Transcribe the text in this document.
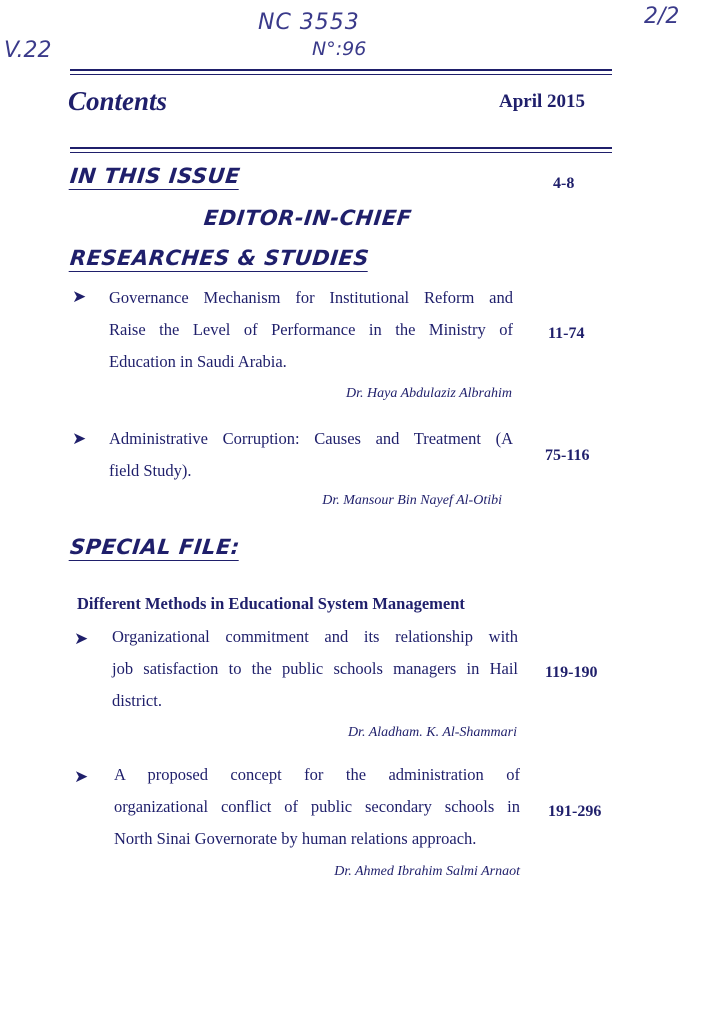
V.22
NC 3553
N°:96
2/2
Contents	April 2015
IN THIS ISSUE	4-8
EDITOR-IN-CHIEF
RESEARCHES & STUDIES
➤ Governance Mechanism for Institutional Reform and
Raise the Level of Performance in the Ministry of
Education in Saudi Arabia.
11-74
Dr. Haya Abdulaziz Albrahim
➤ Administrative Corruption: Causes and Treatment (A
field Study).
75-116
Dr. Mansour Bin Nayef Al-Otibi
SPECIAL FILE:
Different Methods in Educational System Management
➤ Organizational commitment and its relationship with
job satisfaction to the public schools managers in Hail
district.
119-190
Dr. Aladham. K. Al-Shammari
➤ A proposed concept for the administration of
organizational conflict of public secondary schools in
North Sinai Governorate by human relations approach.
191-296
Dr. Ahmed Ibrahim Salmi Arnaot
